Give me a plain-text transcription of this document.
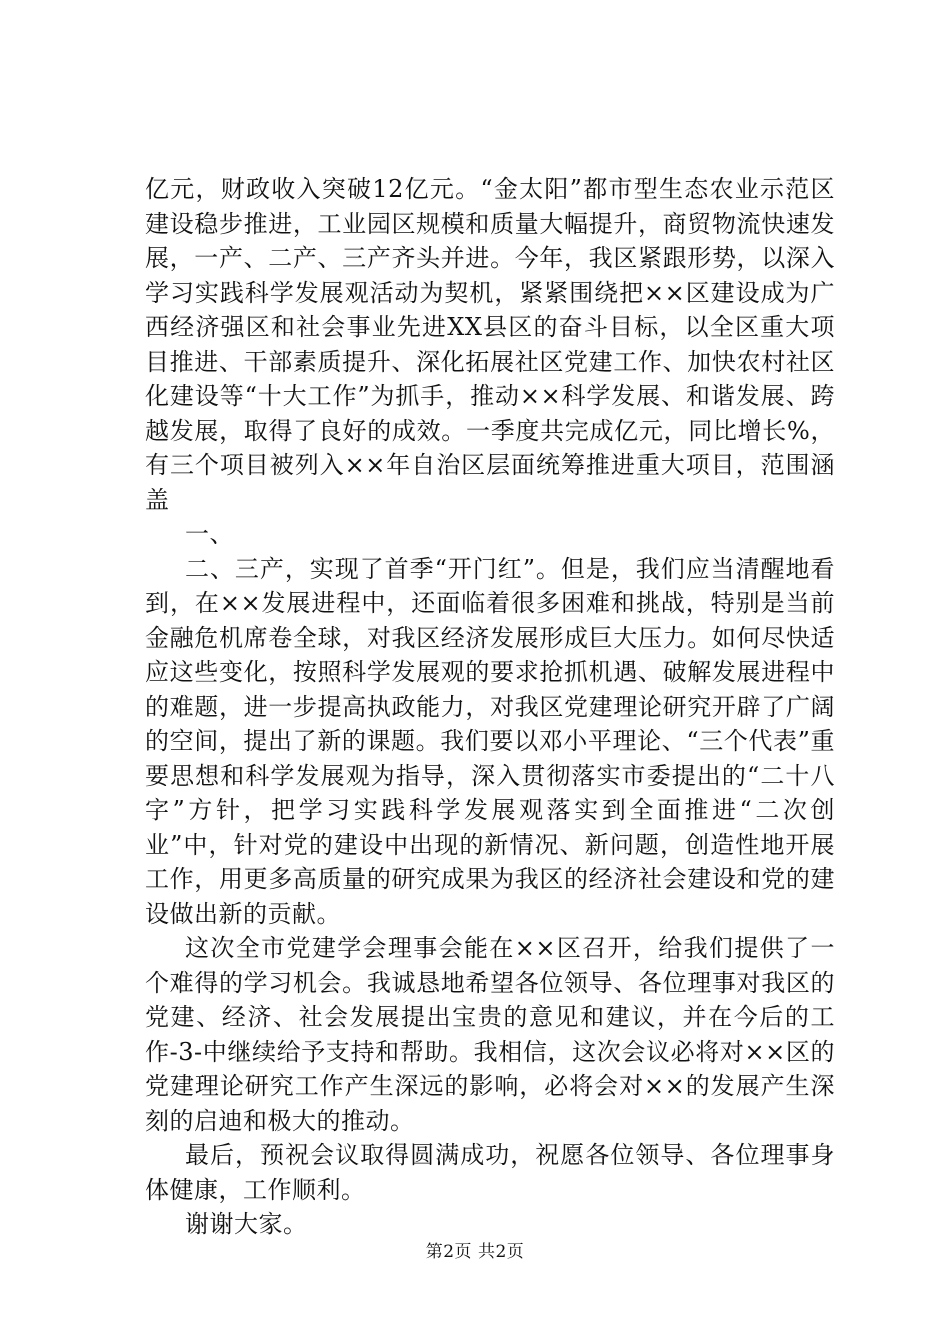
亿元，财政收入突破12亿元。“金太阳”都市型生态农业示范区建设稳步推进，工业园区规模和质量大幅提升，商贸物流快速发展，一产、二产、三产齐头并进。今年，我区紧跟形势，以深入学习实践科学发展观活动为契机，紧紧围绕把××区建设成为广西经济强区和社会事业先进XX县区的奋斗目标，以全区重大项目推进、干部素质提升、深化拓展社区党建工作、加快农村社区化建设等“十大工作”为抓手，推动××科学发展、和谐发展、跨越发展，取得了良好的成效。一季度共完成亿元，同比增长%，有三个项目被列入××年自治区层面统筹推进重大项目，范围涵盖

一、

二、三产，实现了首季“开门红”。但是，我们应当清醒地看到，在××发展进程中，还面临着很多困难和挑战，特别是当前金融危机席卷全球，对我区经济发展形成巨大压力。如何尽快适应这些变化，按照科学发展观的要求抢抓机遇、破解发展进程中的难题，进一步提高执政能力，对我区党建理论研究开辟了广阔的空间，提出了新的课题。我们要以邓小平理论、“三个代表”重要思想和科学发展观为指导，深入贯彻落实市委提出的“二十八字”方针，把学习实践科学发展观落实到全面推进“二次创业”中，针对党的建设中出现的新情况、新问题，创造性地开展工作，用更多高质量的研究成果为我区的经济社会建设和党的建设做出新的贡献。

这次全市党建学会理事会能在××区召开，给我们提供了一个难得的学习机会。我诚恳地希望各位领导、各位理事对我区的党建、经济、社会发展提出宝贵的意见和建议，并在今后的工作-3-中继续给予支持和帮助。我相信，这次会议必将对××区的党建理论研究工作产生深远的影响，必将会对××的发展产生深刻的启迪和极大的推动。

最后，预祝会议取得圆满成功，祝愿各位领导、各位理事身体健康，工作顺利。

谢谢大家。

第2页 共2页
